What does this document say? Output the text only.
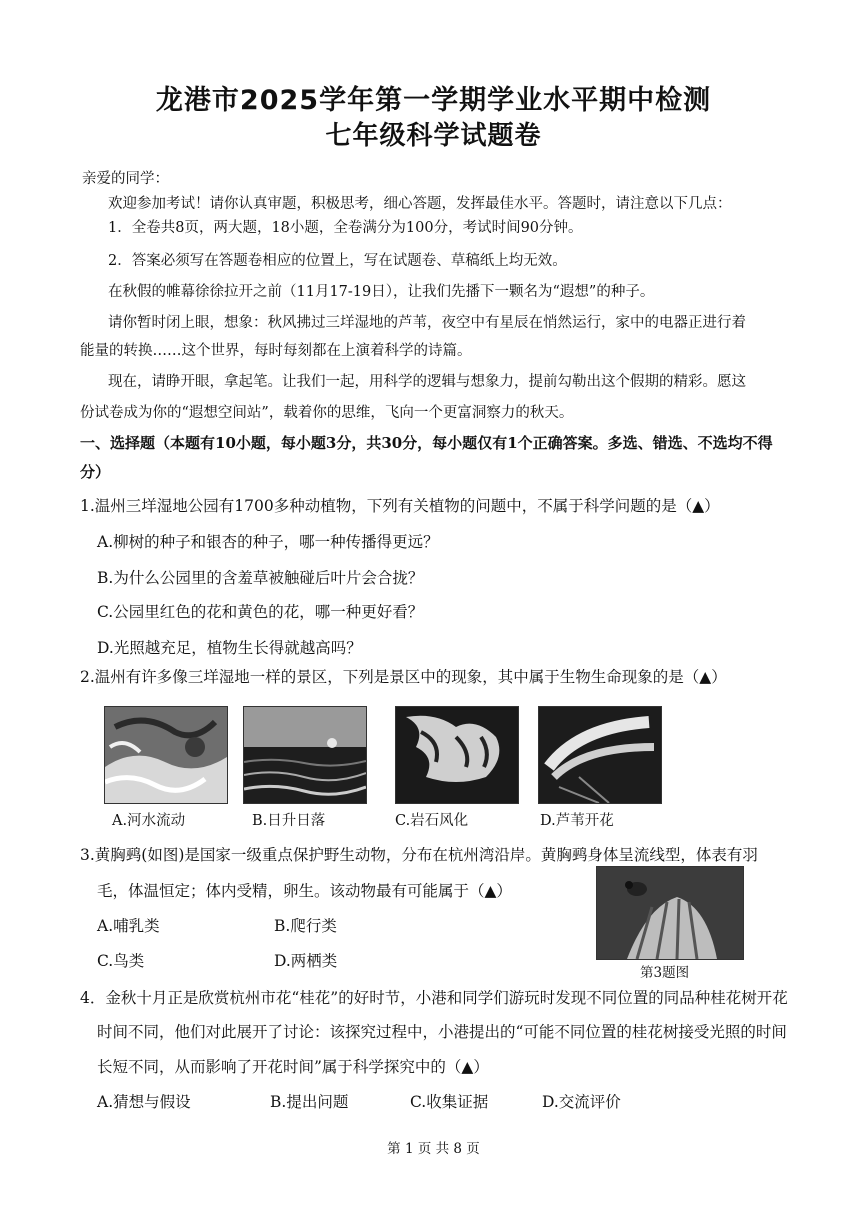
龙港市2025学年第一学期学业水平期中检测
七年级科学试题卷
亲爱的同学：
欢迎参加考试！请你认真审题，积极思考，细心答题，发挥最佳水平。答题时，请注意以下几点：
1．全卷共8页，两大题，18小题，全卷满分为100分，考试时间90分钟。
2．答案必须写在答题卷相应的位置上，写在试题卷、草稿纸上均无效。
在秋假的帷幕徐徐拉开之前（11月17-19日），让我们先播下一颗名为“遐想”的种子。
请你暂时闭上眼，想象：秋风拂过三垟湿地的芦苇，夜空中有星辰在悄然运行，家中的电器正进行着
能量的转换……这个世界，每时每刻都在上演着科学的诗篇。
现在，请睁开眼，拿起笔。让我们一起，用科学的逻辑与想象力，提前勾勒出这个假期的精彩。愿这
份试卷成为你的“遐想空间站”，载着你的思维，飞向一个更富洞察力的秋天。
一、选择题（本题有10小题，每小题3分，共30分，每小题仅有1个正确答案。多选、错选、不选均不得
分）
1.温州三垟湿地公园有1700多种动植物，下列有关植物的问题中，不属于科学问题的是（▲）
A.柳树的种子和银杏的种子，哪一种传播得更远？
B.为什么公园里的含羞草被触碰后叶片会合拢？
C.公园里红色的花和黄色的花，哪一种更好看？
D.光照越充足，植物生长得就越高吗？
2.温州有许多像三垟湿地一样的景区，下列是景区中的现象，其中属于生物生命现象的是（▲）
A.河水流动	B.日升日落	C.岩石风化	D.芦苇开花
3.黄胸鹀(如图)是国家一级重点保护野生动物，分布在杭州湾沿岸。黄胸鹀身体呈流线型，体表有羽
毛，体温恒定；体内受精，卵生。该动物最有可能属于（▲）
A.哺乳类	B.爬行类
C.鸟类	D.两栖类
第3题图
4．金秋十月正是欣赏杭州市花“桂花”的好时节，小港和同学们游玩时发现不同位置的同品种桂花树开花
时间不同，他们对此展开了讨论：该探究过程中，小港提出的“可能不同位置的桂花树接受光照的时间
长短不同，从而影响了开花时间”属于科学探究中的（▲）
A.猜想与假设	B.提出问题	C.收集证据	D.交流评价
第 1 页 共 8 页
